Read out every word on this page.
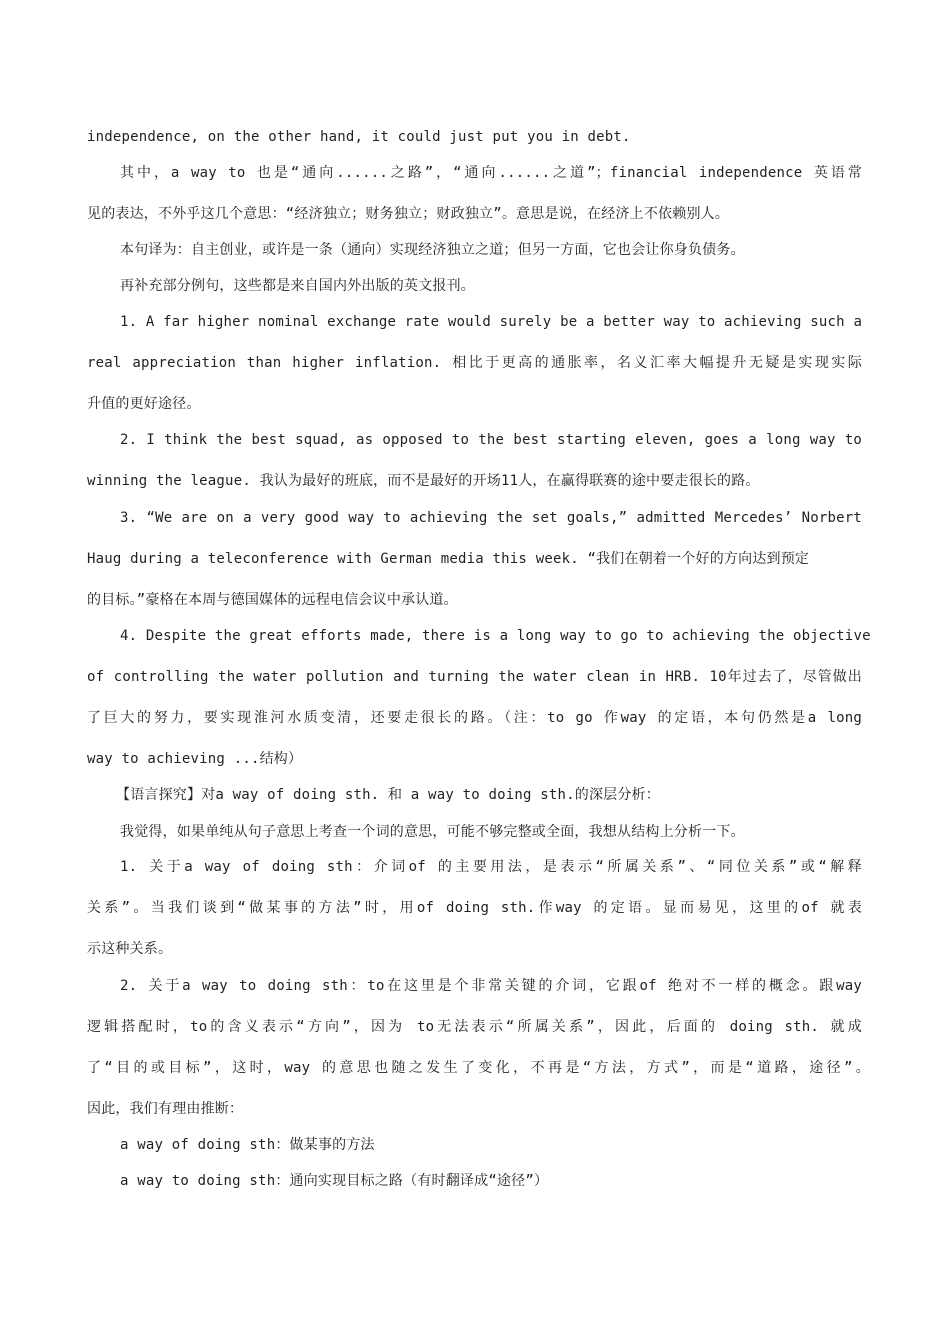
independence, on the other hand, it could just put you in debt.
其中，a way to 也是“通向......之路”，“通向......之道”；financial independence 英语常
见的表达，不外乎这几个意思：“经济独立；财务独立；财政独立”。意思是说，在经济上不依赖别人。
本句译为：自主创业，或许是一条（通向）实现经济独立之道；但另一方面，它也会让你身负债务。
再补充部分例句，这些都是来自国内外出版的英文报刊。
1. A far higher nominal exchange rate would surely be a better way to achieving such a
real appreciation than higher inflation. 相比于更高的通胀率，名义汇率大幅提升无疑是实现实际
升值的更好途径。
2. I think the best squad, as opposed to the best starting eleven, goes a long way to
winning the league. 我认为最好的班底，而不是最好的开场11人，在赢得联赛的途中要走很长的路。
3. “We are on a very good way to achieving the set goals,” admitted Mercedes’ Norbert
Haug during a teleconference with German media this week. “我们在朝着一个好的方向达到预定
的目标。”豪格在本周与德国媒体的远程电信会议中承认道。
4. Despite the great efforts made, there is a long way to go to achieving the objective
of controlling the water pollution and turning the water clean in HRB. 10年过去了，尽管做出
了巨大的努力，要实现淮河水质变清，还要走很长的路。（注：to go 作way 的定语，本句仍然是a long
way to achieving ...结构）
【语言探究】对a way of doing sth. 和 a way to doing sth.的深层分析：
我觉得，如果单纯从句子意思上考查一个词的意思，可能不够完整或全面，我想从结构上分析一下。
1. 关于a way of doing sth：介词of 的主要用法，是表示“所属关系”、“同位关系”或“解释
关系”。当我们谈到“做某事的方法”时，用of doing sth.作way 的定语。显而易见，这里的of 就表
示这种关系。
2. 关于a way to doing sth：to在这里是个非常关键的介词，它跟of 绝对不一样的概念。跟way
逻辑搭配时，to的含义表示“方向”，因为 to无法表示“所属关系”，因此，后面的 doing sth. 就成
了“目的或目标”，这时，way 的意思也随之发生了变化，不再是“方法，方式”，而是“道路，途径”。
因此，我们有理由推断：
a way of doing sth：做某事的方法
a way to doing sth：通向实现目标之路（有时翻译成“途径”）
